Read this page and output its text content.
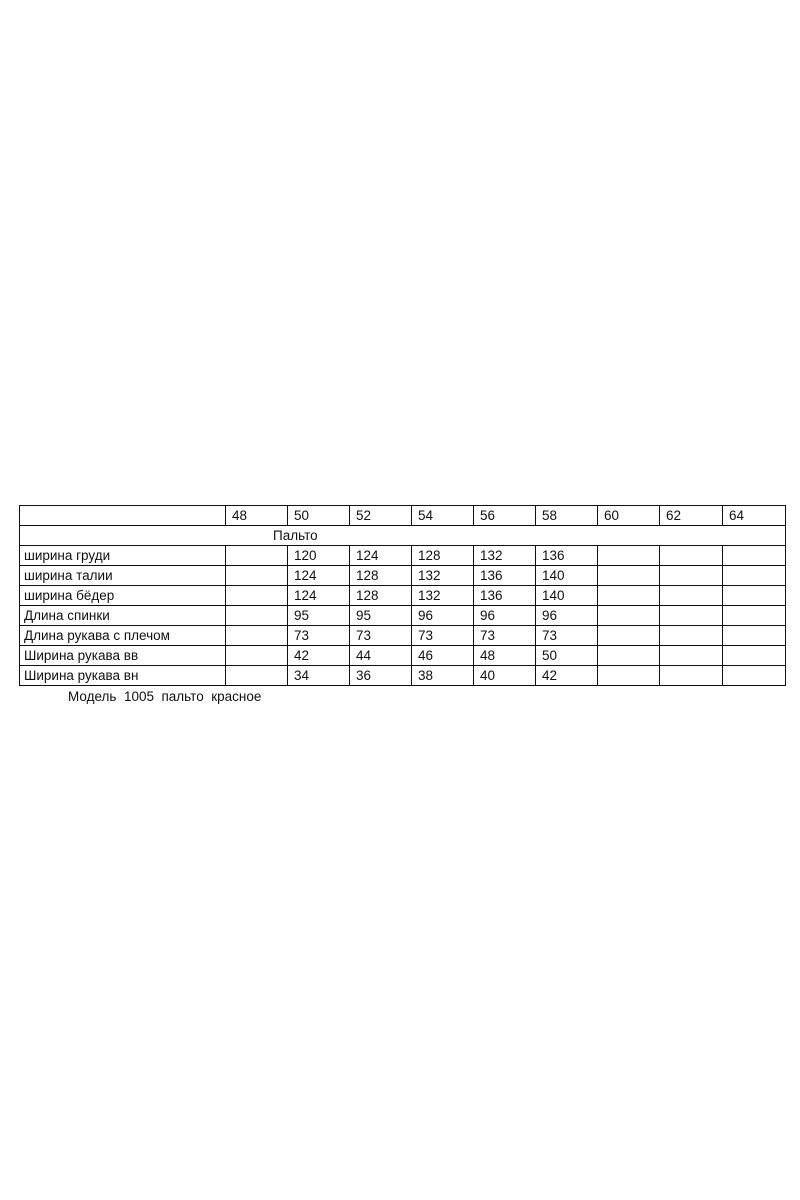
	48	50	52	54	56	58	60	62	64
Пальто									
ширина груди		120	124	128	132	136			
ширина талии		124	128	132	136	140			
ширина бёдер		124	128	132	136	140			
Длина спинки		95	95	96	96	96			
Длина рукава с плечом		73	73	73	73	73			
Ширина рукава вв		42	44	46	48	50			
Ширина рукава вн		34	36	38	40	42			
Модель  1005  пальто  красное
